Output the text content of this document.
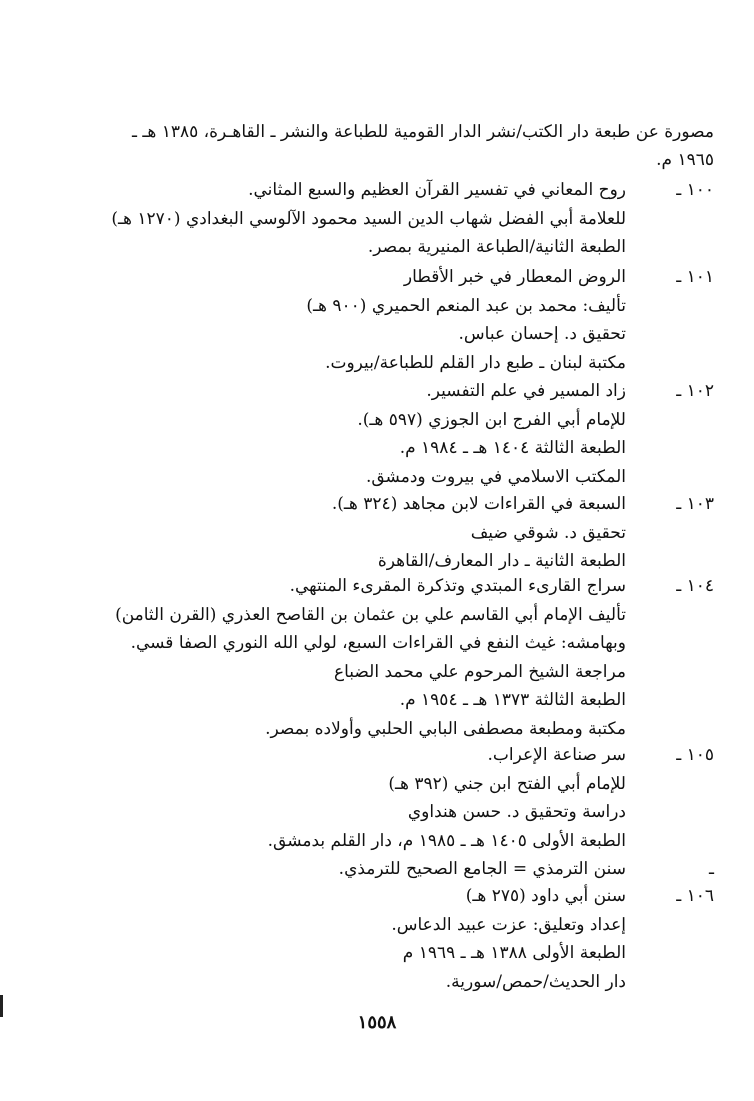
مصورة عن طبعة دار الكتب/نشر الدار القومية للطباعة والنشر ـ القاهـرة، ١٣٨٥ هـ ـ
١٩٦٥ م.
١٠٠ ـ
روح المعاني في تفسير القرآن العظيم والسبع المثاني.
للعلامة أبي الفضل شهاب الدين السيد محمود الآلوسي البغدادي (١٢٧٠ هـ)
الطبعة الثانية/الطباعة المنيرية بمصر.
١٠١ ـ
الروض المعطار في خبر الأقطار
تأليف: محمد بن عبد المنعم الحميري (٩٠٠ هـ)
تحقيق د. إحسان عباس.
مكتبة لبنان ـ طبع دار القلم للطباعة/بيروت.
١٠٢ ـ
زاد المسير في علم التفسير.
للإمام أبي الفرج ابن الجوزي (٥٩٧ هـ).
الطبعة الثالثة ١٤٠٤ هـ ـ ١٩٨٤ م.
المكتب الاسلامي في بيروت ودمشق.
١٠٣ ـ
السبعة في القراءات لابن مجاهد (٣٢٤ هـ).
تحقيق د. شوقي ضيف
الطبعة الثانية ـ دار المعارف/القاهرة
١٠٤ ـ
سراج القارىء المبتدي وتذكرة المقرىء المنتهي.
تأليف الإمام أبي القاسم علي بن عثمان بن القاصح العذري (القرن الثامن)
وبهامشه: غيث النفع في القراءات السبع، لولي الله النوري الصفا قسي.
مراجعة الشيخ المرحوم علي محمد الضباع
الطبعة الثالثة ١٣٧٣ هـ ـ ١٩٥٤ م.
مكتبة ومطبعة مصطفى البابي الحلبي وأولاده بمصر.
١٠٥ ـ
سر صناعة الإعراب.
للإمام أبي الفتح ابن جني (٣٩٢ هـ)
دراسة وتحقيق د. حسن هنداوي
الطبعة الأولى ١٤٠٥ هـ ـ ١٩٨٥ م، دار القلم بدمشق.
ـ
سنن الترمذي = الجامع الصحيح للترمذي.
١٠٦ ـ
سنن أبي داود (٢٧٥ هـ)
إعداد وتعليق: عزت عبيد الدعاس.
الطبعة الأولى ١٣٨٨ هـ ـ ١٩٦٩ م
دار الحديث/حمص/سورية.
١٥٥٨
